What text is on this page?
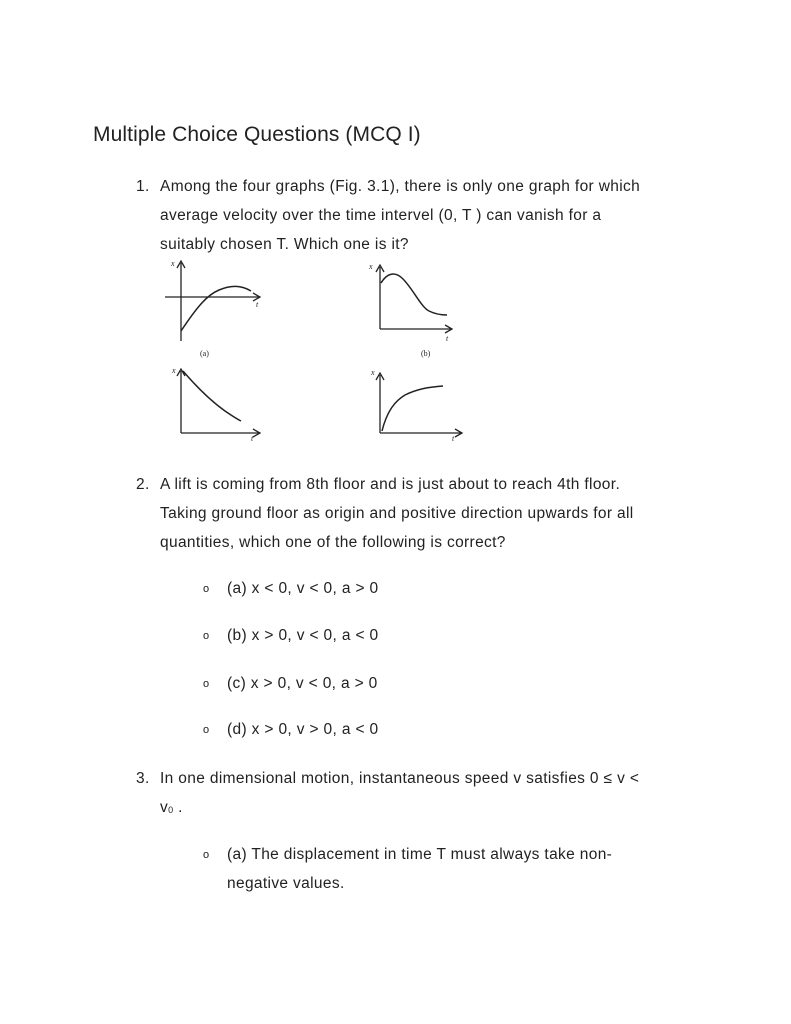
Multiple Choice Questions (MCQ I)
1. Among the four graphs (Fig. 3.1), there is only one graph for which
average velocity over the time intervel (0, T ) can vanish for a
suitably chosen T. Which one is it?
x
t
x
t
x
t
x
t
(a)	(b)
2. A lift is coming from 8th floor and is just about to reach 4th floor.
Taking ground floor as origin and positive direction upwards for all
quantities, which one of the following is correct?
o (a) x < 0, v < 0, a > 0
o (b) x > 0, v < 0, a < 0
o (c) x > 0, v < 0, a > 0
o (d) x > 0, v > 0, a < 0
3. In one dimensional motion, instantaneous speed v satisfies 0 ≤ v <
v0 .
o (a) The displacement in time T must always take non-
negative values.
